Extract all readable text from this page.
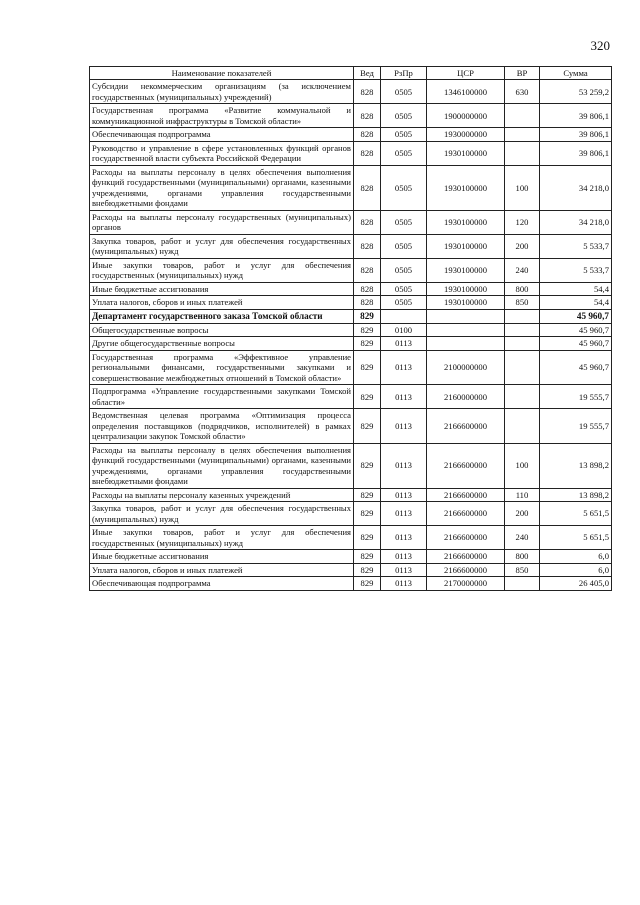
320
Наименование показателей	Вед	РзПр	ЦСР	ВР	Сумма
Субсидии некоммерческим организациям (за исключением государственных (муниципальных) учреждений)	828	0505	1346100000	630	53 259,2
Государственная программа «Развитие коммунальной и коммуникационной инфраструктуры в Томской области»	828	0505	1900000000		39 806,1
Обеспечивающая подпрограмма	828	0505	1930000000		39 806,1
Руководство и управление в сфере установленных функций органов государственной власти субъекта Российской Федерации	828	0505	1930100000		39 806,1
Расходы на выплаты персоналу в целях обеспечения выполнения функций государственными (муниципальными) органами, казенными учреждениями, органами управления государственными внебюджетными фондами	828	0505	1930100000	100	34 218,0
Расходы на выплаты персоналу государственных (муниципальных) органов	828	0505	1930100000	120	34 218,0
Закупка товаров, работ и услуг для обеспечения государственных (муниципальных) нужд	828	0505	1930100000	200	5 533,7
Иные закупки товаров, работ и услуг для обеспечения государственных (муниципальных) нужд	828	0505	1930100000	240	5 533,7
Иные бюджетные ассигнования	828	0505	1930100000	800	54,4
Уплата налогов, сборов и иных платежей	828	0505	1930100000	850	54,4
Департамент государственного заказа Томской области	829				45 960,7
Общегосударственные вопросы	829	0100			45 960,7
Другие общегосударственные вопросы	829	0113			45 960,7
Государственная программа «Эффективное управление региональными финансами, государственными закупками и совершенствование межбюджетных отношений в Томской области»	829	0113	2100000000		45 960,7
Подпрограмма «Управление государственными закупками Томской области»	829	0113	2160000000		19 555,7
Ведомственная целевая программа «Оптимизация процесса определения поставщиков (подрядчиков, исполнителей) в рамках централизации закупок Томской области»	829	0113	2166600000		19 555,7
Расходы на выплаты персоналу в целях обеспечения выполнения функций государственными (муниципальными) органами, казенными учреждениями, органами управления государственными внебюджетными фондами	829	0113	2166600000	100	13 898,2
Расходы на выплаты персоналу казенных учреждений	829	0113	2166600000	110	13 898,2
Закупка товаров, работ и услуг для обеспечения государственных (муниципальных) нужд	829	0113	2166600000	200	5 651,5
Иные закупки товаров, работ и услуг для обеспечения государственных (муниципальных) нужд	829	0113	2166600000	240	5 651,5
Иные бюджетные ассигнования	829	0113	2166600000	800	6,0
Уплата налогов, сборов и иных платежей	829	0113	2166600000	850	6,0
Обеспечивающая подпрограмма	829	0113	2170000000		26 405,0
